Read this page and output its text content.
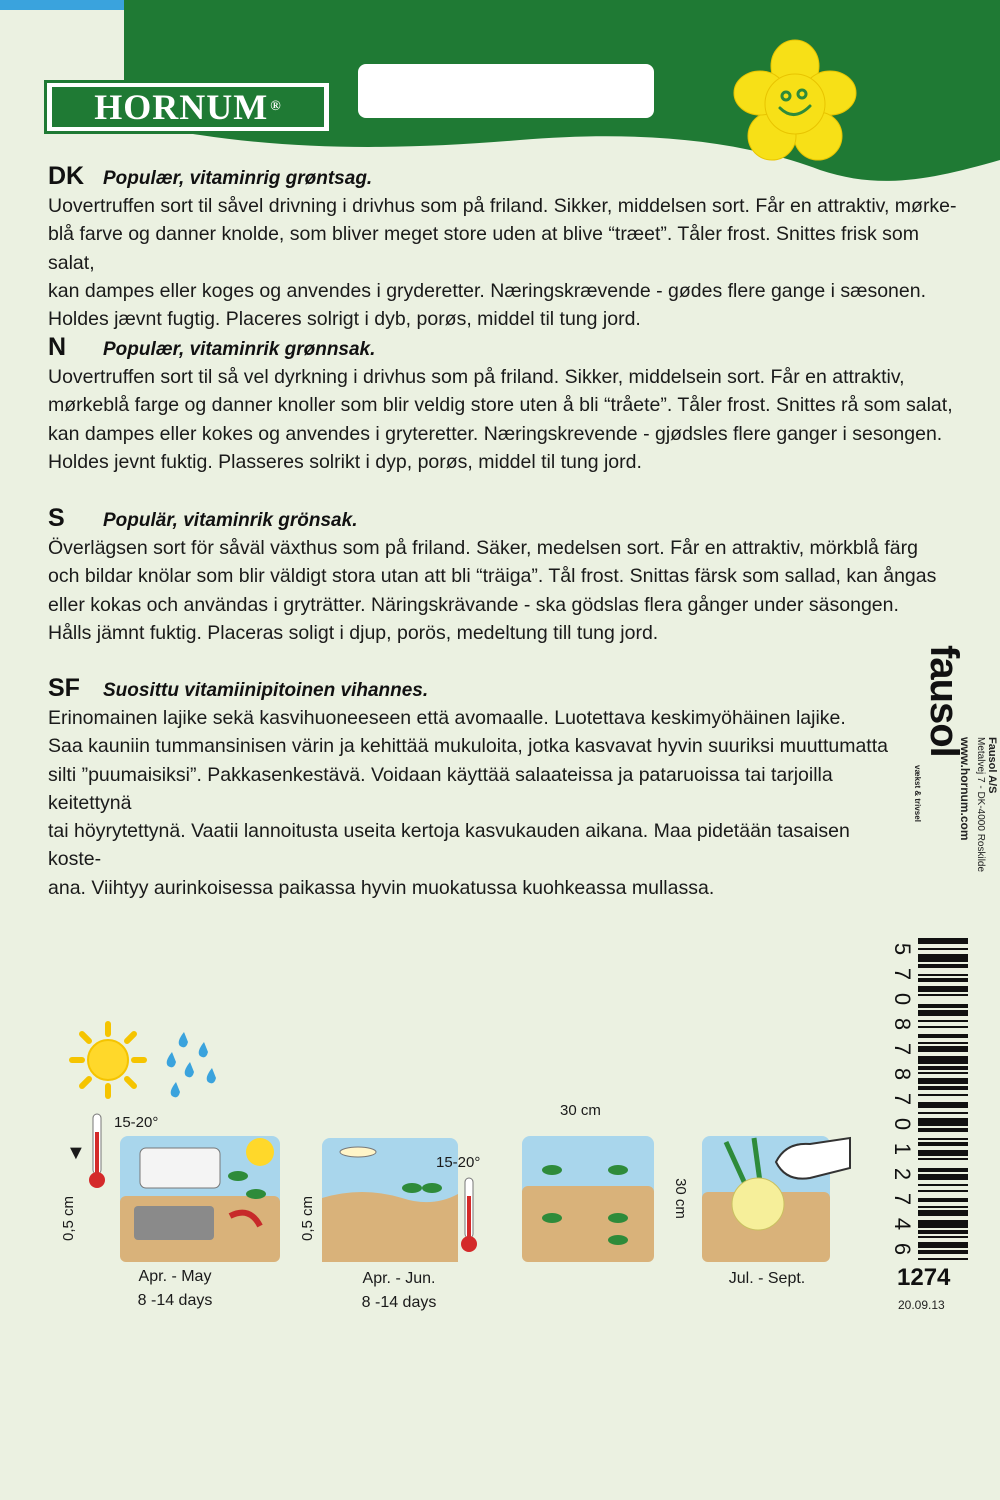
HORNUM ®
DK Populær, vitaminrig grøntsag.

Uovertruffen sort til såvel drivning i drivhus som på friland. Sikker, middelsen sort. Får en attraktiv, mørke-
blå farve og danner knolde, som bliver meget store uden at blive “træet”. Tåler frost. Snittes frisk som salat,
kan dampes eller koges og anvendes i gryderetter. Næringskrævende - gødes flere gange i sæsonen.
Holdes jævnt fugtig. Placeres solrigt i dyb, porøs, middel til tung jord.

N	Populær, vitaminrik grønnsak.

Uovertruffen sort til så vel dyrkning i drivhus som på friland. Sikker, middelsein sort. Får en attraktiv,
mørkeblå farge og danner knoller som blir veldig store uten å bli “tråete”. Tåler frost. Snittes rå som salat,
kan dampes eller kokes og anvendes i gryteretter. Næringskrevende - gjødsles flere ganger i sesongen.
Holdes jevnt fuktig. Plasseres solrikt i dyp, porøs, middel til tung jord.

S	Populär, vitaminrik grönsak.

Överlägsen sort för såväl växthus som på friland. Säker, medelsen sort. Får en attraktiv, mörkblå färg
och bildar knölar som blir väldigt stora utan att bli “träiga”. Tål frost. Snittas färsk som sallad, kan ångas
eller kokas och användas i gryträtter. Näringskrävande - ska gödslas flera gånger under säsongen.
Hålls jämnt fuktig. Placeras soligt i djup, porös, medeltung till tung jord.

SF	Suosittu vitamiinipitoinen vihannes.

Erinomainen lajike sekä kasvihuoneeseen että avomaalle. Luotettava keskimyöhäinen lajike.
Saa kauniin tummansinisen värin ja kehittää mukuloita, jotka kasvavat hyvin suuriksi muuttumatta
silti ”puumaisiksi”. Pakkasenkestävä. Voidaan käyttää salaateissa ja pataruoissa tai tarjoilla keitettynä
tai höyrytettynä. Vaatii lannoitusta useita kertoja kasvukauden aikana. Maa pidetään tasaisen koste-
ana. Viihtyy aurinkoisessa paikassa hyvin muokatussa kuohkeassa mullassa.

fausol
vækst & trivsel	Fausol A/S
Metalvej 7 - DK-4000 Roskilde
www.hornum.com
5
7
0
8
7
8
7
0
1
2
7
4
6
1274
20.09.13
15-20°
▼
0,5 cm
Apr. - May
8 -14 days
15-20°
0,5 cm
Apr. - Jun.
8 -14 days
30 cm
30 cm
Jul. - Sept.
